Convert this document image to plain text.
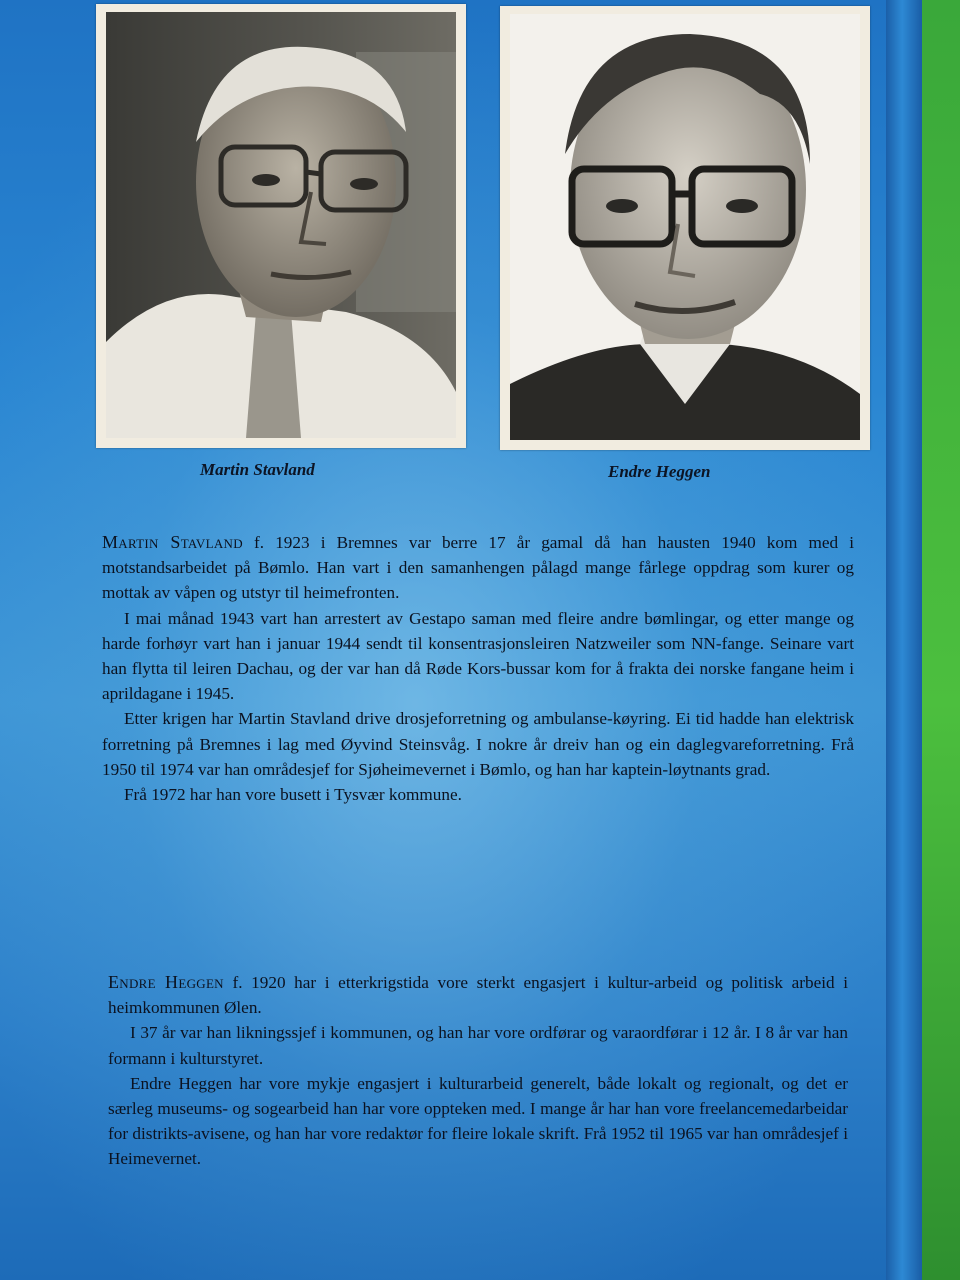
Martin Stavland	Endre Heggen

Martin Stavland f. 1923 i Bremnes var berre 17 år gamal då han hausten 1940 kom med i motstandsarbeidet på Bømlo. Han vart i den samanhengen pålagd mange fårlege oppdrag som kurer og mottak av våpen og utstyr til heimefronten.

I mai månad 1943 vart han arrestert av Gestapo saman med fleire andre bømlingar, og etter mange og harde forhøyr vart han i januar 1944 sendt til konsentrasjonsleiren Natzweiler som NN-fange. Seinare vart han flytta til leiren Dachau, og der var han då Røde Kors-bussar kom for å frakta dei norske fangane heim i aprildagane i 1945.

Etter krigen har Martin Stavland drive drosjeforretning og ambulanse-køyring. Ei tid hadde han elektrisk forretning på Bremnes i lag med Øyvind Steinsvåg. I nokre år dreiv han og ein daglegvareforretning. Frå 1950 til 1974 var han områdesjef for Sjøheimevernet i Bømlo, og han har kaptein-løytnants grad.

Frå 1972 har han vore busett i Tysvær kommune.

Endre Heggen f. 1920 har i etterkrigstida vore sterkt engasjert i kultur-arbeid og politisk arbeid i heimkommunen Ølen.

I 37 år var han likningssjef i kommunen, og han har vore ordførar og varaordførar i 12 år. I 8 år var han formann i kulturstyret.

Endre Heggen har vore mykje engasjert i kulturarbeid generelt, både lokalt og regionalt, og det er særleg museums- og sogearbeid han har vore oppteken med. I mange år har han vore freelancemedarbeidar for distrikts-avisene, og han har vore redaktør for fleire lokale skrift. Frå 1952 til 1965 var han områdesjef i Heimevernet.
